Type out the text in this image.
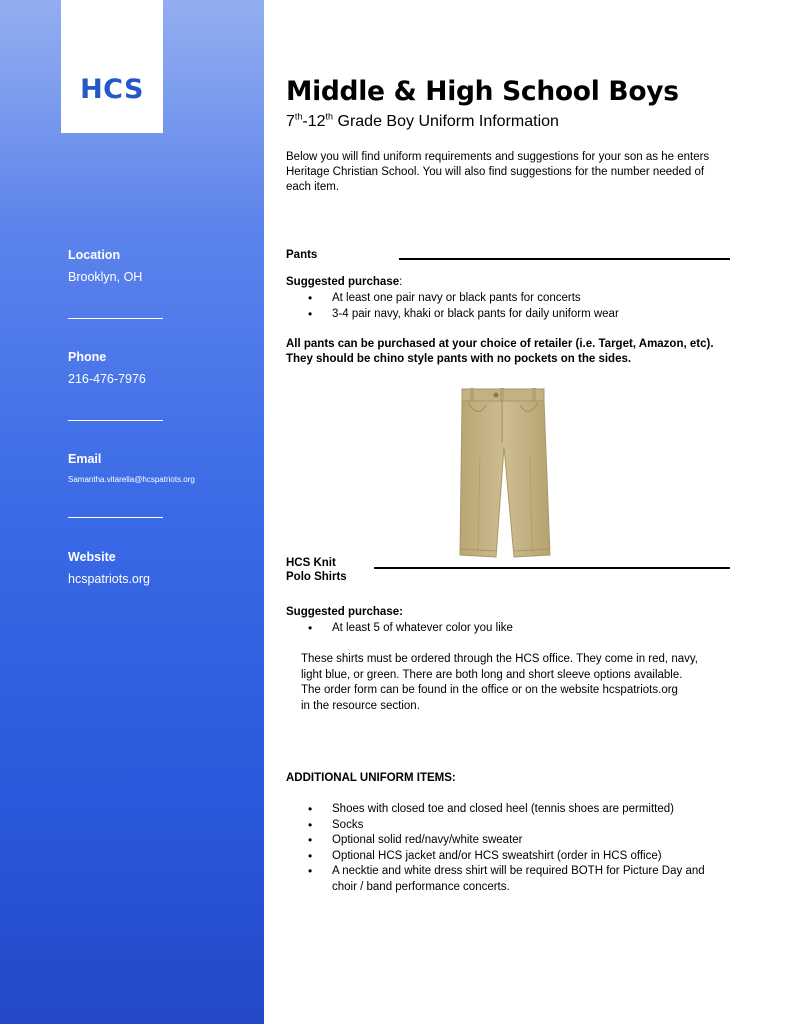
HCS
Location
Brooklyn, OH
Phone
216-476-7976
Email
Samantha.vitarella@hcspatriots.org
Website
hcspatriots.org
Middle & High School Boys
7th-12th Grade Boy Uniform Information
Below you will find uniform requirements and suggestions for your son as he enters Heritage Christian School. You will also find suggestions for the number needed of each item.
Pants
Suggested purchase:
• At least one pair navy or black pants for concerts
• 3-4 pair navy, khaki or black pants for daily uniform wear
All pants can be purchased at your choice of retailer (i.e. Target, Amazon, etc). They should be chino style pants with no pockets on the sides.
HCS Knit
Polo Shirts
Suggested purchase:
• At least 5 of whatever color you like
These shirts must be ordered through the HCS office. They come in red, navy,
light blue, or green. There are both long and short sleeve options available.
The order form can be found in the office or on the website hcspatriots.org
in the resource section.
ADDITIONAL UNIFORM ITEMS:
• Shoes with closed toe and closed heel (tennis shoes are permitted)
• Socks
• Optional solid red/navy/white sweater
• Optional HCS jacket and/or HCS sweatshirt (order in HCS office)
• A necktie and white dress shirt will be required BOTH for Picture Day and choir / band performance concerts.
